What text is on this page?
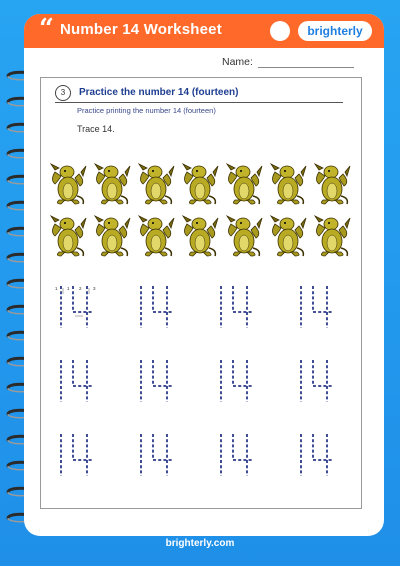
“ Number 14 Worksheet	brighterly
Name:
3	Practice the number 14 (fourteen)
Practice printing the number 14 (fourteen)
Trace 14.
1 1 2	3
brighterly.com
